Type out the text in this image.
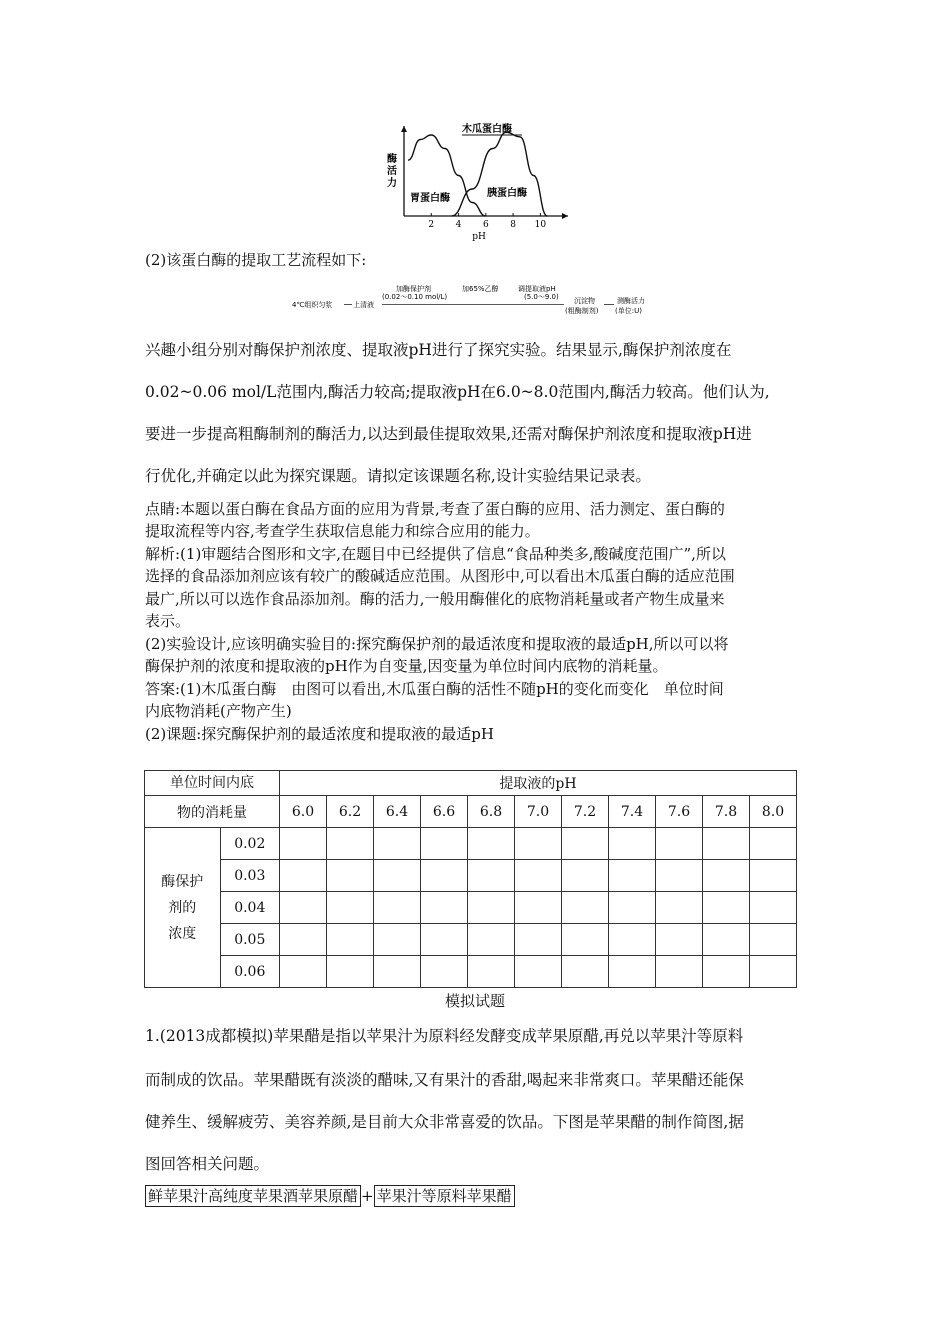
2 4 6 8 10
pH
酶
活
力
木瓜蛋白酶
胃蛋白酶	胰蛋白酶
(2)该蛋白酶的提取工艺流程如下:
4℃组织匀浆	上清液
加酶保护剂
(0.02～0.10 mol/L)
加65%乙醇	调提取液pH
(5.0～9.0) 沉淀物
(粗酶制剂)
测酶活力
(单位:U)
兴趣小组分别对酶保护剂浓度、提取液pH进行了探究实验。结果显示,酶保护剂浓度在
0.02~0.06 mol/L范围内,酶活力较高;提取液pH在6.0~8.0范围内,酶活力较高。他们认为,
要进一步提高粗酶制剂的酶活力,以达到最佳提取效果,还需对酶保护剂浓度和提取液pH进
行优化,并确定以此为探究课题。请拟定该课题名称,设计实验结果记录表。
点睛:本题以蛋白酶在食品方面的应用为背景,考查了蛋白酶的应用、活力测定、蛋白酶的
提取流程等内容,考查学生获取信息能力和综合应用的能力。
解析:(1)审题结合图形和文字,在题目中已经提供了信息“食品种类多,酸碱度范围广”,所以
选择的食品添加剂应该有较广的酸碱适应范围。从图形中,可以看出木瓜蛋白酶的适应范围
最广,所以可以选作食品添加剂。酶的活力,一般用酶催化的底物消耗量或者产物生成量来
表示。
(2)实验设计,应该明确实验目的:探究酶保护剂的最适浓度和提取液的最适pH,所以可以将
酶保护剂的浓度和提取液的pH作为自变量,因变量为单位时间内底物的消耗量。
答案:(1)木瓜蛋白酶　由图可以看出,木瓜蛋白酶的活性不随pH的变化而变化　单位时间
内底物消耗(产物产生)
(2)课题:探究酶保护剂的最适浓度和提取液的最适pH
单位时间内底		提取液的pH										
物的消耗量		6.0	6.2	6.4	6.6	6.8	7.0	7.2	7.4	7.6	7.8	8.0

酶保护
剂的
浓度	0.02											
	0.03											
	0.04											
	0.05											
	0.06											
模拟试题
1.(2013成都模拟)苹果醋是指以苹果汁为原料经发酵变成苹果原醋,再兑以苹果汁等原料
而制成的饮品。苹果醋既有淡淡的醋味,又有果汁的香甜,喝起来非常爽口。苹果醋还能保
健养生、缓解疲劳、美容养颜,是目前大众非常喜爱的饮品。下图是苹果醋的制作简图,据
图回答相关问题。
鲜苹果汁高纯度苹果酒苹果原醋 + 苹果汁等原料苹果醋
